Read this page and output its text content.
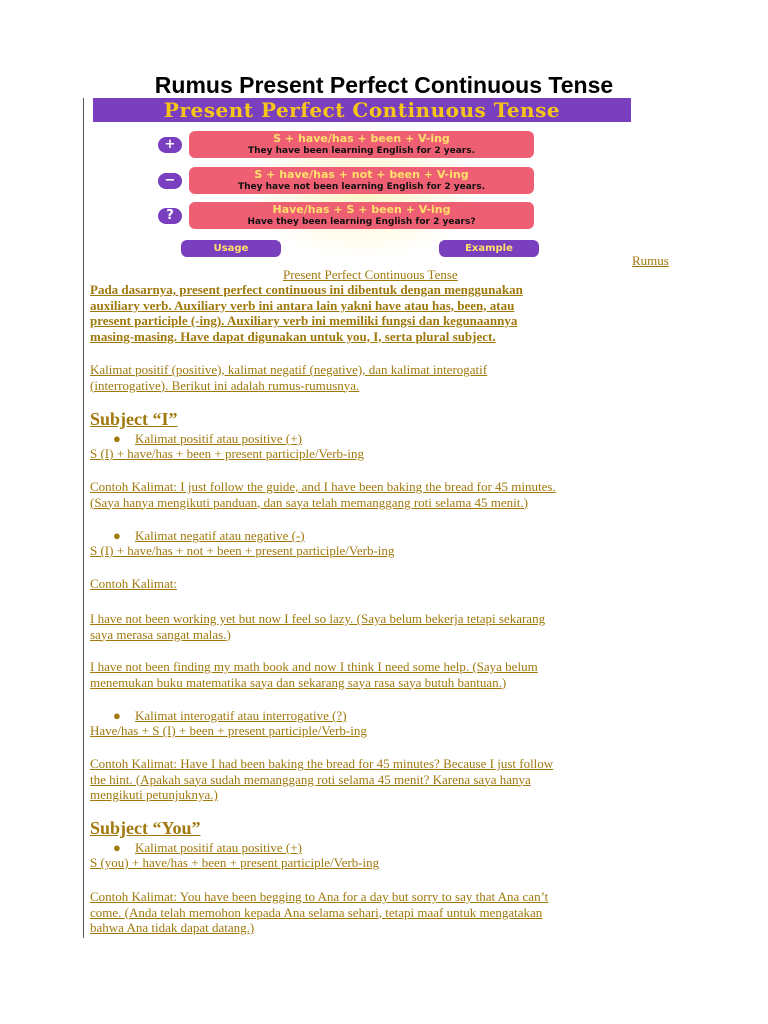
Rumus Present Perfect Continuous Tense
Present Perfect Continuous Tense
+	S + have/has + been + V-ing
They have been learning English for 2 years.
−	S + have/has + not + been + V-ing
They have not been learning English for 2 years.
?	Have/has + S + been + V-ing
Have they been learning English for 2 years?
Usage	Example
Rumus
Present Perfect Continuous Tense
Pada dasarnya, present perfect continuous ini dibentuk dengan menggunakan
auxiliary verb. Auxiliary verb ini antara lain yakni have atau has, been, atau
present participle (-ing). Auxiliary verb ini memiliki fungsi dan kegunaannya
masing-masing. Have dapat digunakan untuk you, I, serta plural subject.
Kalimat positif (positive), kalimat negatif (negative), dan kalimat interogatif
(interrogative). Berikut ini adalah rumus-rumusnya.
Subject “I”
● Kalimat positif atau positive (+)
S (I) + have/has + been + present participle/Verb-ing
Contoh Kalimat: I just follow the guide, and I have been baking the bread for 45 minutes.
(Saya hanya mengikuti panduan, dan saya telah memanggang roti selama 45 menit.)
● Kalimat negatif atau negative (-)
S (I) + have/has + not + been + present participle/Verb-ing
Contoh Kalimat:
I have not been working yet but now I feel so lazy. (Saya belum bekerja tetapi sekarang
saya merasa sangat malas.)
I have not been finding my math book and now I think I need some help. (Saya belum
menemukan buku matematika saya dan sekarang saya rasa saya butuh bantuan.)
● Kalimat interogatif atau interrogative (?)
Have/has + S (I) + been + present participle/Verb-ing
Contoh Kalimat: Have I had been baking the bread for 45 minutes? Because I just follow
the hint. (Apakah saya sudah memanggang roti selama 45 menit? Karena saya hanya
mengikuti petunjuknya.)
Subject “You”
● Kalimat positif atau positive (+)
S (you) + have/has + been + present participle/Verb-ing
Contoh Kalimat: You have been begging to Ana for a day but sorry to say that Ana can’t
come. (Anda telah memohon kepada Ana selama sehari, tetapi maaf untuk mengatakan
bahwa Ana tidak dapat datang.)
